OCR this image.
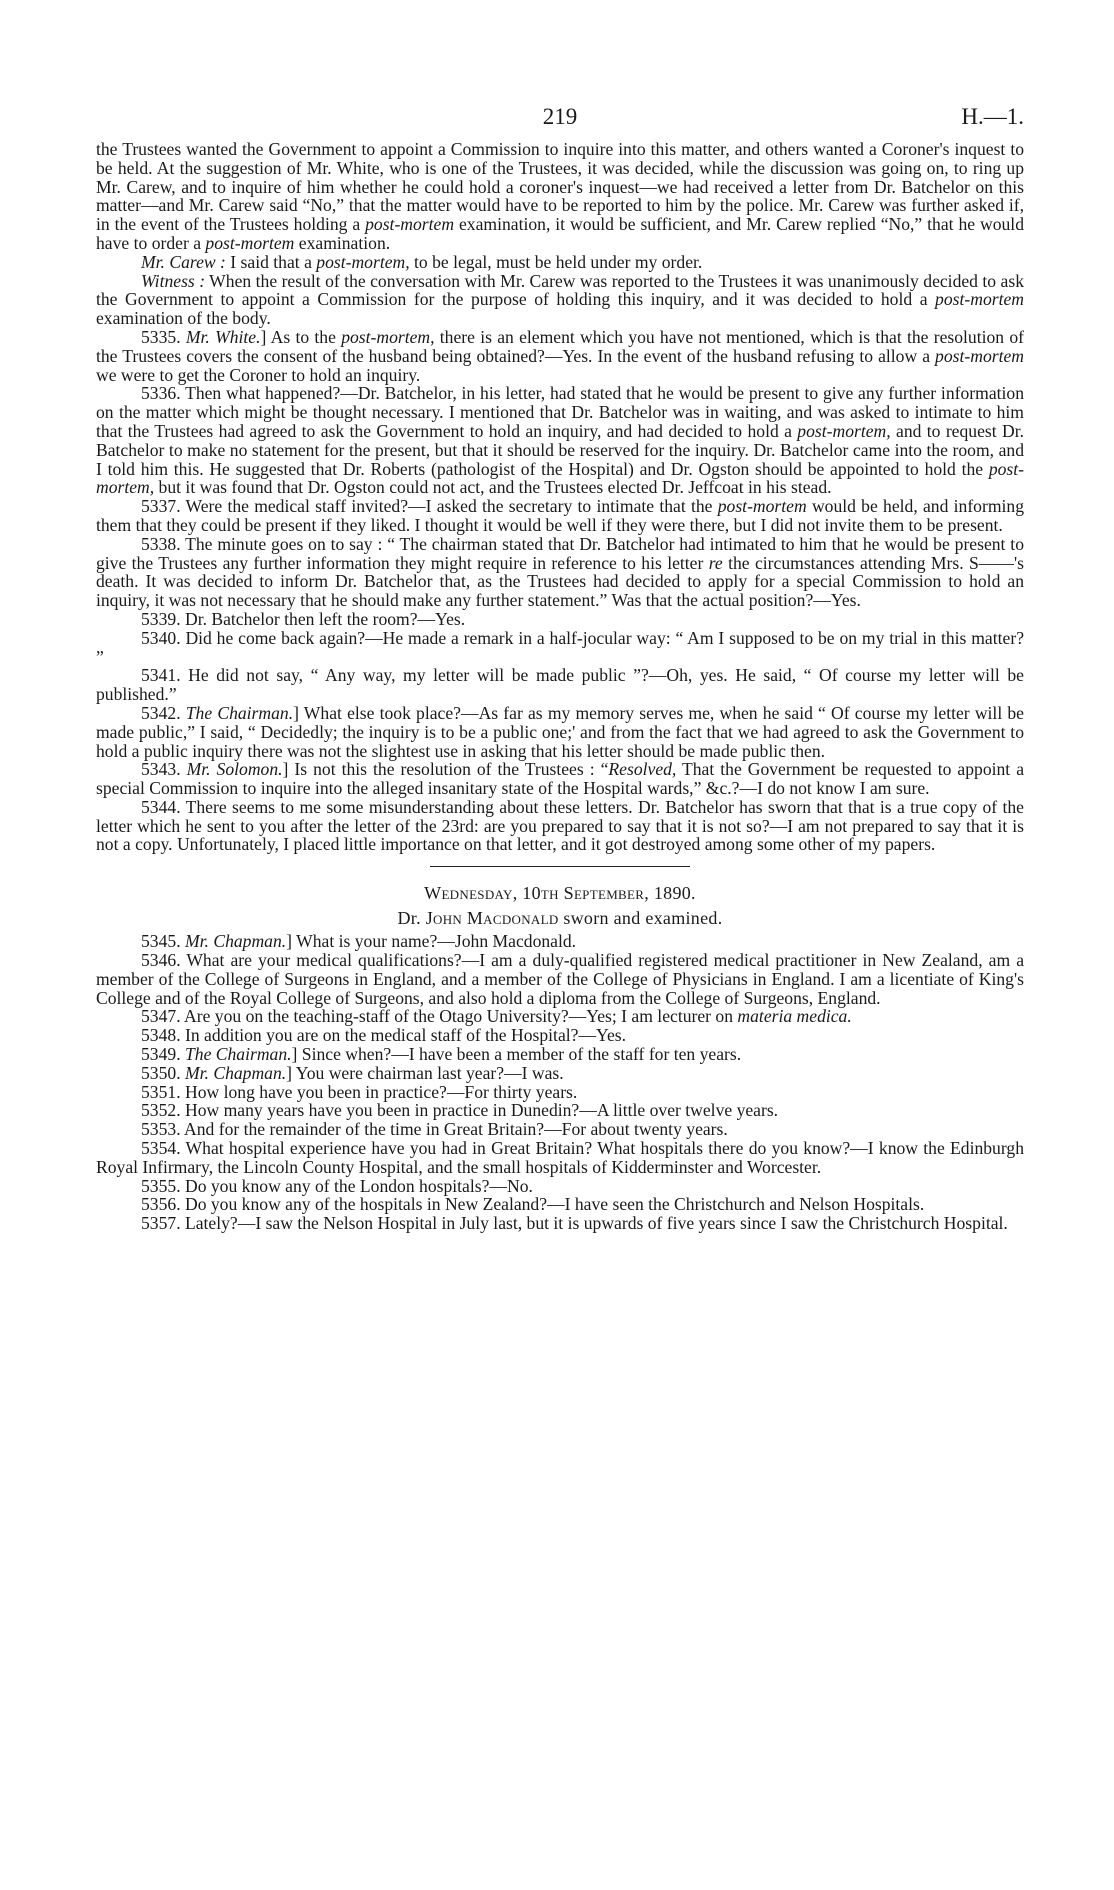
219	H.—1.

the Trustees wanted the Government to appoint a Commission to inquire into this matter, and others wanted a Coroner's inquest to be held. At the suggestion of Mr. White, who is one of the Trustees, it was decided, while the discussion was going on, to ring up Mr. Carew, and to inquire of him whether he could hold a coroner's inquest—we had received a letter from Dr. Batchelor on this matter—and Mr. Carew said “No,” that the matter would have to be reported to him by the police. Mr. Carew was further asked if, in the event of the Trustees holding a post-mortem examination, it would be sufficient, and Mr. Carew replied “No,” that he would have to order a post-mortem examination.

Mr. Carew : I said that a post-mortem, to be legal, must be held under my order.

Witness : When the result of the conversation with Mr. Carew was reported to the Trustees it was unanimously decided to ask the Government to appoint a Commission for the purpose of holding this inquiry, and it was decided to hold a post-mortem examination of the body.

5335. Mr. White.] As to the post-mortem, there is an element which you have not mentioned, which is that the resolution of the Trustees covers the consent of the husband being obtained?—Yes. In the event of the husband refusing to allow a post-mortem we were to get the Coroner to hold an inquiry.

5336. Then what happened?—Dr. Batchelor, in his letter, had stated that he would be present to give any further information on the matter which might be thought necessary. I mentioned that Dr. Batchelor was in waiting, and was asked to intimate to him that the Trustees had agreed to ask the Government to hold an inquiry, and had decided to hold a post-mortem, and to request Dr. Batchelor to make no statement for the present, but that it should be reserved for the inquiry. Dr. Batchelor came into the room, and I told him this. He suggested that Dr. Roberts (pathologist of the Hospital) and Dr. Ogston should be appointed to hold the post-mortem, but it was found that Dr. Ogston could not act, and the Trustees elected Dr. Jeffcoat in his stead.

5337. Were the medical staff invited?—I asked the secretary to intimate that the post-mortem would be held, and informing them that they could be present if they liked. I thought it would be well if they were there, but I did not invite them to be present.

5338. The minute goes on to say : “ The chairman stated that Dr. Batchelor had intimated to him that he would be present to give the Trustees any further information they might require in reference to his letter re the circumstances attending Mrs. S——'s death. It was decided to inform Dr. Batchelor that, as the Trustees had decided to apply for a special Commission to hold an inquiry, it was not necessary that he should make any further statement.” Was that the actual position?—Yes.

5339. Dr. Batchelor then left the room?—Yes.

5340. Did he come back again?—He made a remark in a half-jocular way: “ Am I supposed to be on my trial in this matter? ”

5341. He did not say, “ Any way, my letter will be made public ”?—Oh, yes. He said, “ Of course my letter will be published.”

5342. The Chairman.] What else took place?—As far as my memory serves me, when he said “ Of course my letter will be made public,” I said, “ Decidedly; the inquiry is to be a public one;' and from the fact that we had agreed to ask the Government to hold a public inquiry there was not the slightest use in asking that his letter should be made public then.

5343. Mr. Solomon.] Is not this the resolution of the Trustees : “Resolved, That the Government be requested to appoint a special Commission to inquire into the alleged insanitary state of the Hospital wards,” &c.?—I do not know I am sure.

5344. There seems to me some misunderstanding about these letters. Dr. Batchelor has sworn that that is a true copy of the letter which he sent to you after the letter of the 23rd: are you prepared to say that it is not so?—I am not prepared to say that it is not a copy. Unfortunately, I placed little importance on that letter, and it got destroyed among some other of my papers.

Wednesday, 10th September, 1890.
Dr. John Macdonald sworn and examined.

5345. Mr. Chapman.] What is your name?—John Macdonald.

5346. What are your medical qualifications?—I am a duly-qualified registered medical practitioner in New Zealand, am a member of the College of Surgeons in England, and a member of the College of Physicians in England. I am a licentiate of King's College and of the Royal College of Surgeons, and also hold a diploma from the College of Surgeons, England.

5347. Are you on the teaching-staff of the Otago University?—Yes; I am lecturer on materia medica.

5348. In addition you are on the medical staff of the Hospital?—Yes.

5349. The Chairman.] Since when?—I have been a member of the staff for ten years.

5350. Mr. Chapman.] You were chairman last year?—I was.

5351. How long have you been in practice?—For thirty years.

5352. How many years have you been in practice in Dunedin?—A little over twelve years.

5353. And for the remainder of the time in Great Britain?—For about twenty years.

5354. What hospital experience have you had in Great Britain? What hospitals there do you know?—I know the Edinburgh Royal Infirmary, the Lincoln County Hospital, and the small hospitals of Kidderminster and Worcester.

5355. Do you know any of the London hospitals?—No.

5356. Do you know any of the hospitals in New Zealand?—I have seen the Christchurch and Nelson Hospitals.

5357. Lately?—I saw the Nelson Hospital in July last, but it is upwards of five years since I saw the Christchurch Hospital.
